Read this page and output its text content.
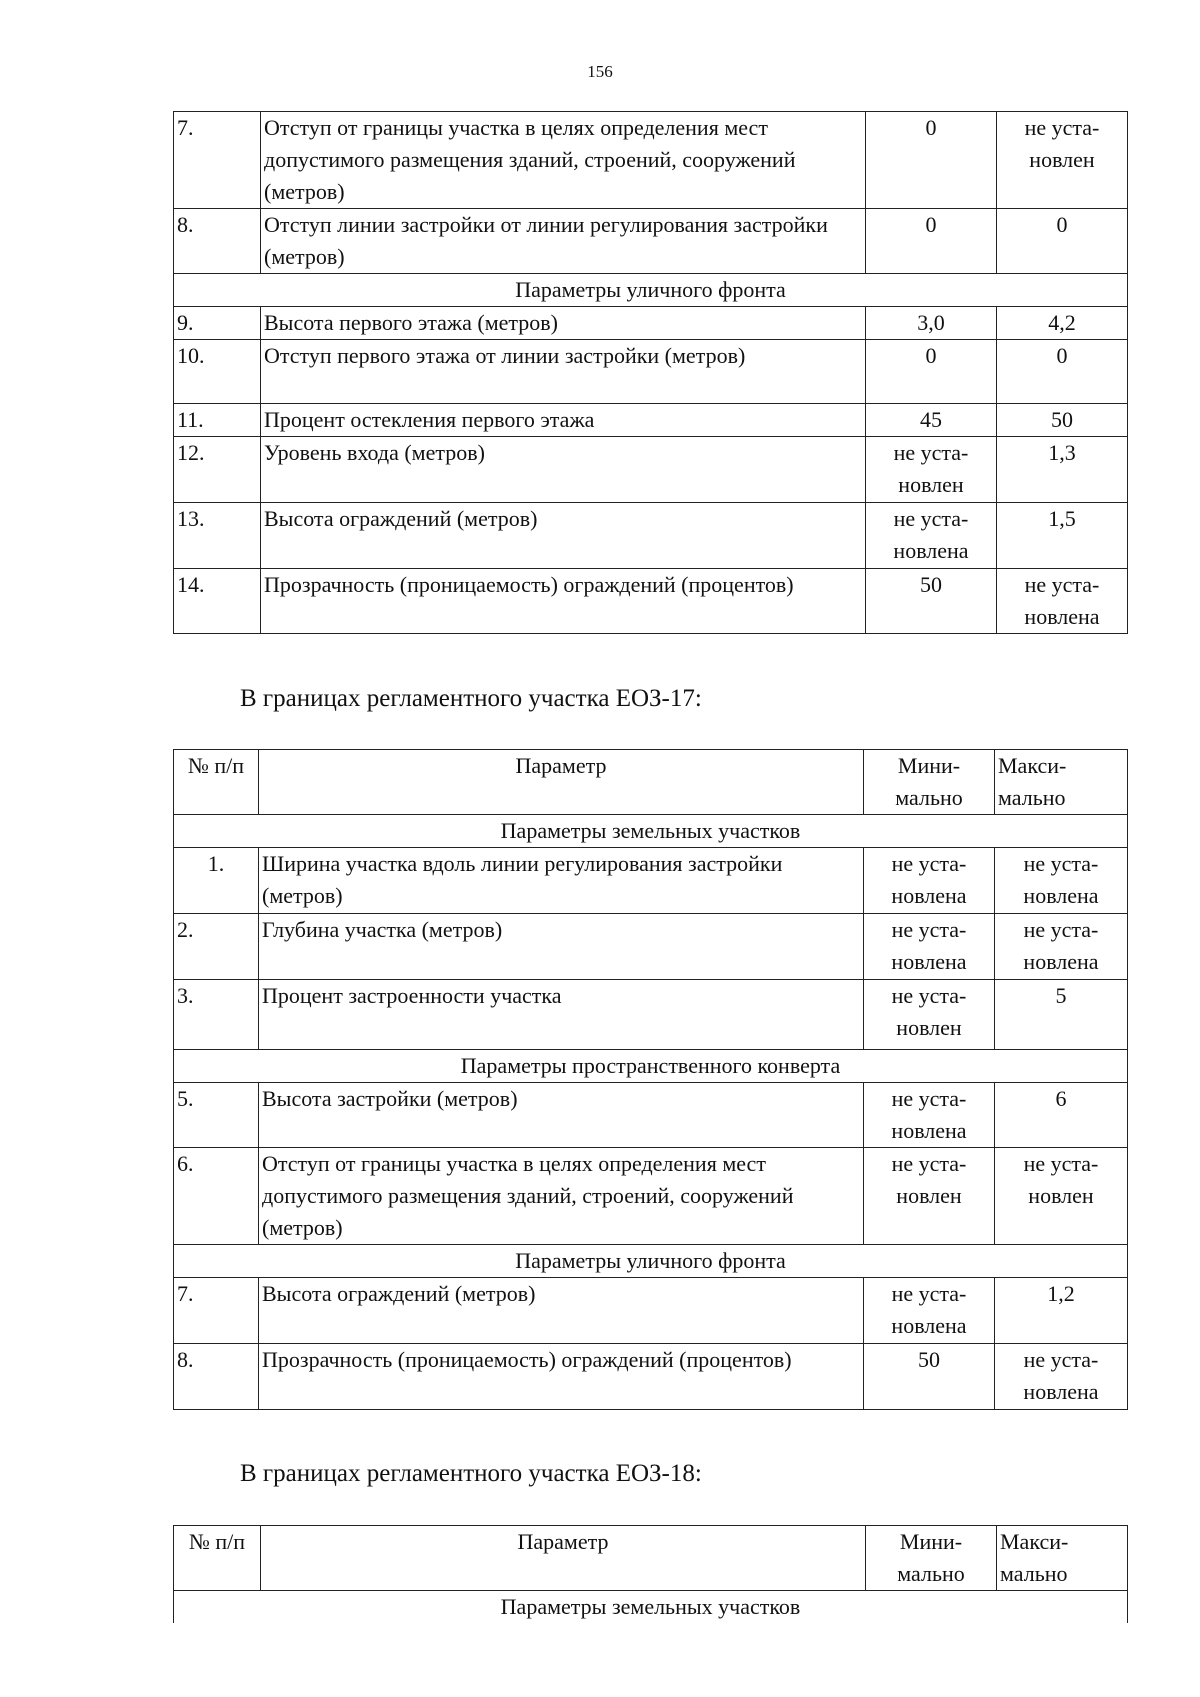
156
7.	Отступ от границы участка в целях определения мест допустимого размещения зданий, строений, сооружений (метров)	0	не уста-
новлен
8.	Отступ линии застройки от линии регулирования застройки (метров)	0	0
Параметры уличного фронта			
9.	Высота первого этажа (метров)	3,0	4,2
10.	Отступ первого этажа от линии застройки (метров)	0	0
11.	Процент остекления первого этажа	45	50
12.	Уровень входа (метров)	не уста-
новлен	1,3
13.	Высота ограждений (метров)	не уста-
новлена	1,5
14.	Прозрачность (проницаемость) ограждений (процентов)	50	не уста-
новлена
В границах регламентного участка ЕОЗ-17:
№ п/п	Параметр	Мини-
мально	Макси-
мально
Параметры земельных участков			
1.	Ширина участка вдоль линии регулирования застройки (метров)	не уста-
новлена	не уста-
новлена
2.	Глубина участка (метров)	не уста-
новлена	не уста-
новлена
3.	Процент застроенности участка	не уста-
новлен	5
Параметры пространственного конверта			
5.	Высота застройки (метров)	не уста-
новлена	6
6.	Отступ от границы участка в целях определения мест допустимого размещения зданий, строений, сооружений (метров)	не уста-
новлен	не уста-
новлен
Параметры уличного фронта			
7.	Высота ограждений (метров)	не уста-
новлена	1,2
8.	Прозрачность (проницаемость) ограждений (процентов)	50	не уста-
новлена
В границах регламентного участка ЕОЗ-18:
№ п/п	Параметр	Мини-
мально	Макси-
мально
Параметры земельных участков
